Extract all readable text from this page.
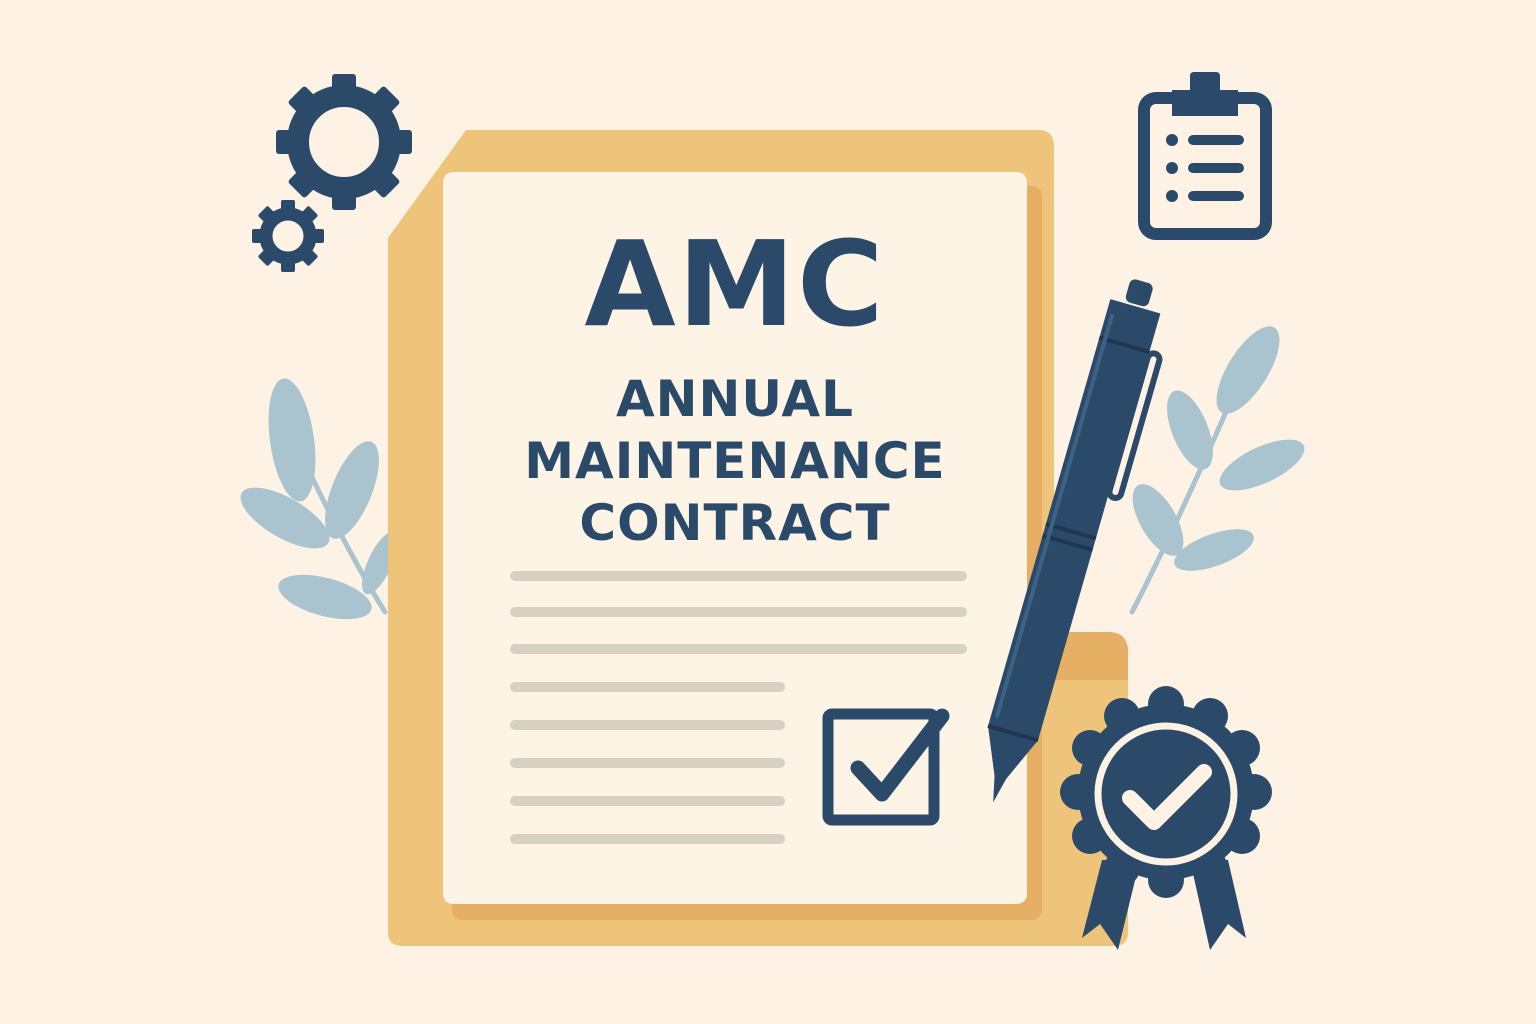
AMC
ANNUAL
MAINTENANCE
CONTRACT
